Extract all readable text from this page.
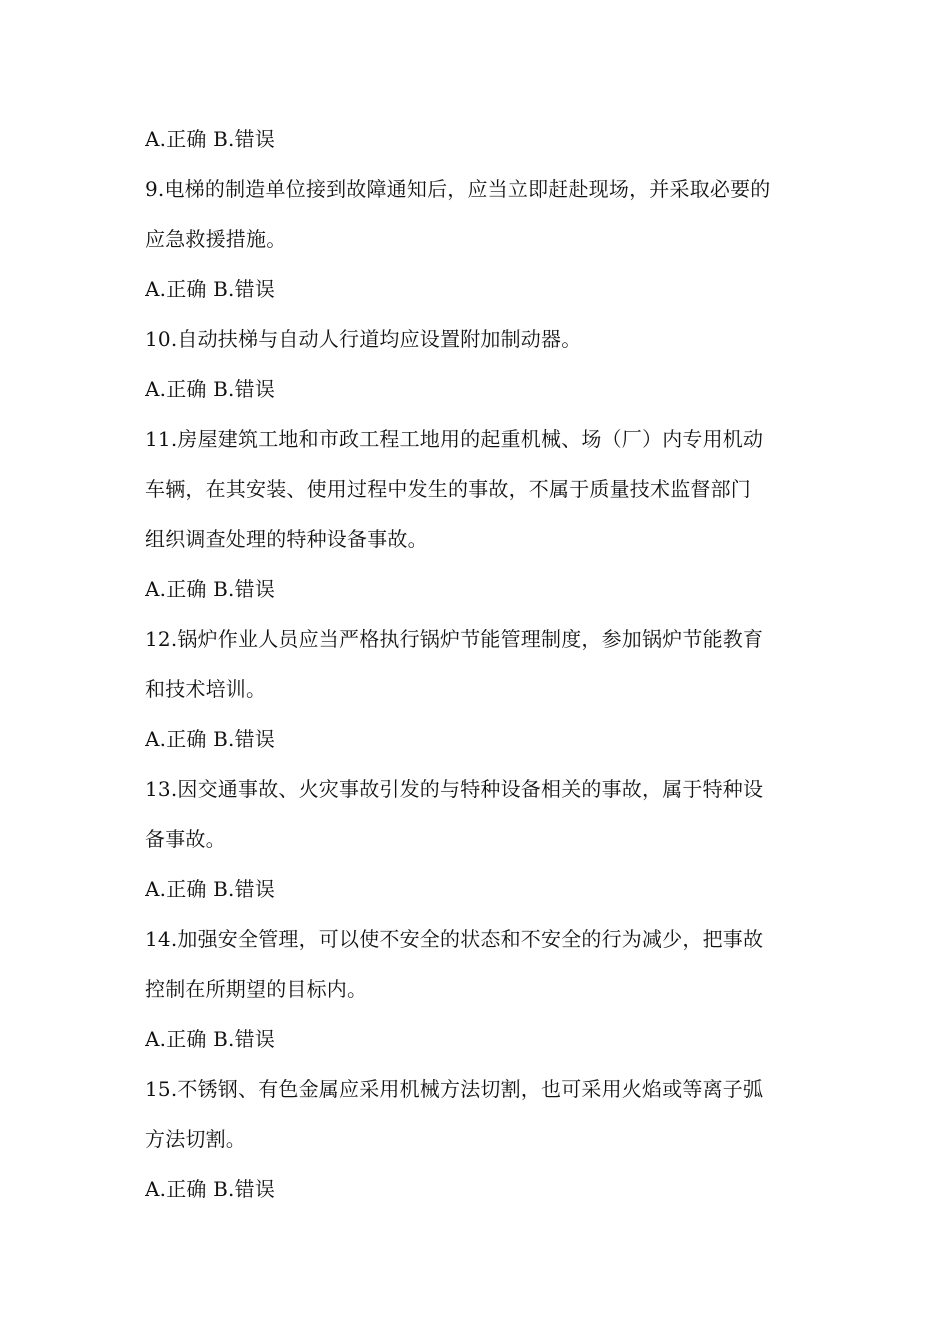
A.正确 B.错误
9.电梯的制造单位接到故障通知后，应当立即赶赴现场，并采取必要的
应急救援措施。
A.正确 B.错误
10.自动扶梯与自动人行道均应设置附加制动器。
A.正确 B.错误
11.房屋建筑工地和市政工程工地用的起重机械、场（厂）内专用机动
车辆，在其安装、使用过程中发生的事故，不属于质量技术监督部门
组织调查处理的特种设备事故。
A.正确 B.错误
12.锅炉作业人员应当严格执行锅炉节能管理制度，参加锅炉节能教育
和技术培训。
A.正确 B.错误
13.因交通事故、火灾事故引发的与特种设备相关的事故，属于特种设
备事故。
A.正确 B.错误
14.加强安全管理，可以使不安全的状态和不安全的行为减少，把事故
控制在所期望的目标内。
A.正确 B.错误
15.不锈钢、有色金属应采用机械方法切割，也可采用火焰或等离子弧
方法切割。
A.正确 B.错误
